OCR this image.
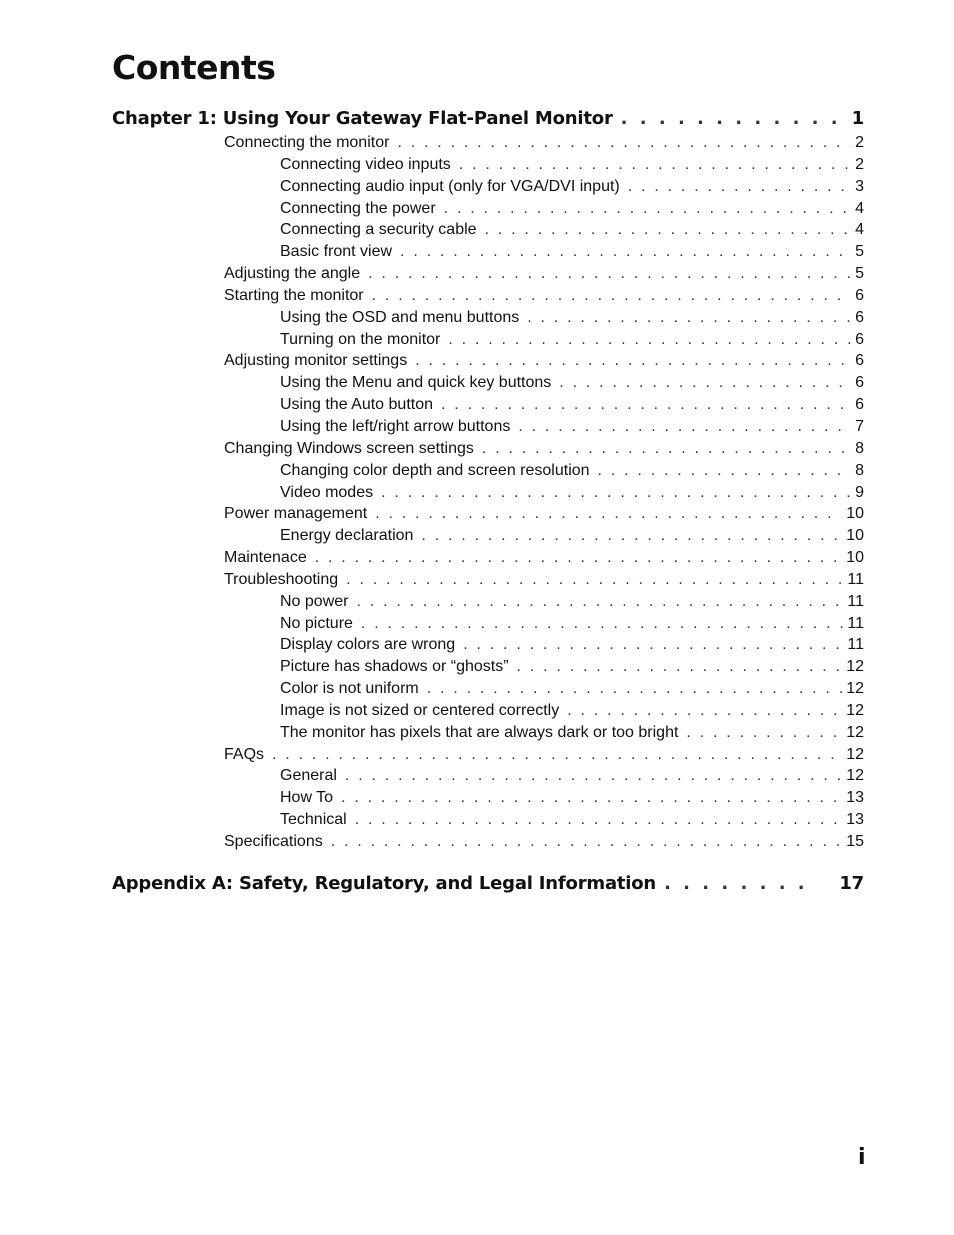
Contents
Chapter 1: Using Your Gateway Flat-Panel Monitor . . .	1
Connecting the monitor . . .	2
Connecting video inputs . . .	2
Connecting audio input (only for VGA/DVI input) . . .	3
Connecting the power . . .	4
Connecting a security cable . . .	4
Basic front view . . .	5
Adjusting the angle . . .	5
Starting the monitor . . .	6
Using the OSD and menu buttons . . .	6
Turning on the monitor . . .	6
Adjusting monitor settings . . .	6
Using the Menu and quick key buttons . . .	6
Using the Auto button . . .	6
Using the left/right arrow buttons . . .	7
Changing Windows screen settings . . .	8
Changing color depth and screen resolution . . .	8
Video modes . . .	9
Power management . . .	10
Energy declaration . . .	10
Maintenace . . .	10
Troubleshooting . . .	11
No power . . .	11
No picture . . .	11
Display colors are wrong . . .	11
Picture has shadows or “ghosts” . . .	12
Color is not uniform . . .	12
Image is not sized or centered correctly . . .	12
The monitor has pixels that are always dark or too bright . . .	12
FAQs . . .	12
General . . .	12
How To . . .	13
Technical . . .	13
Specifications . . .	15
Appendix A: Safety, Regulatory, and Legal Information . . .	17
i
